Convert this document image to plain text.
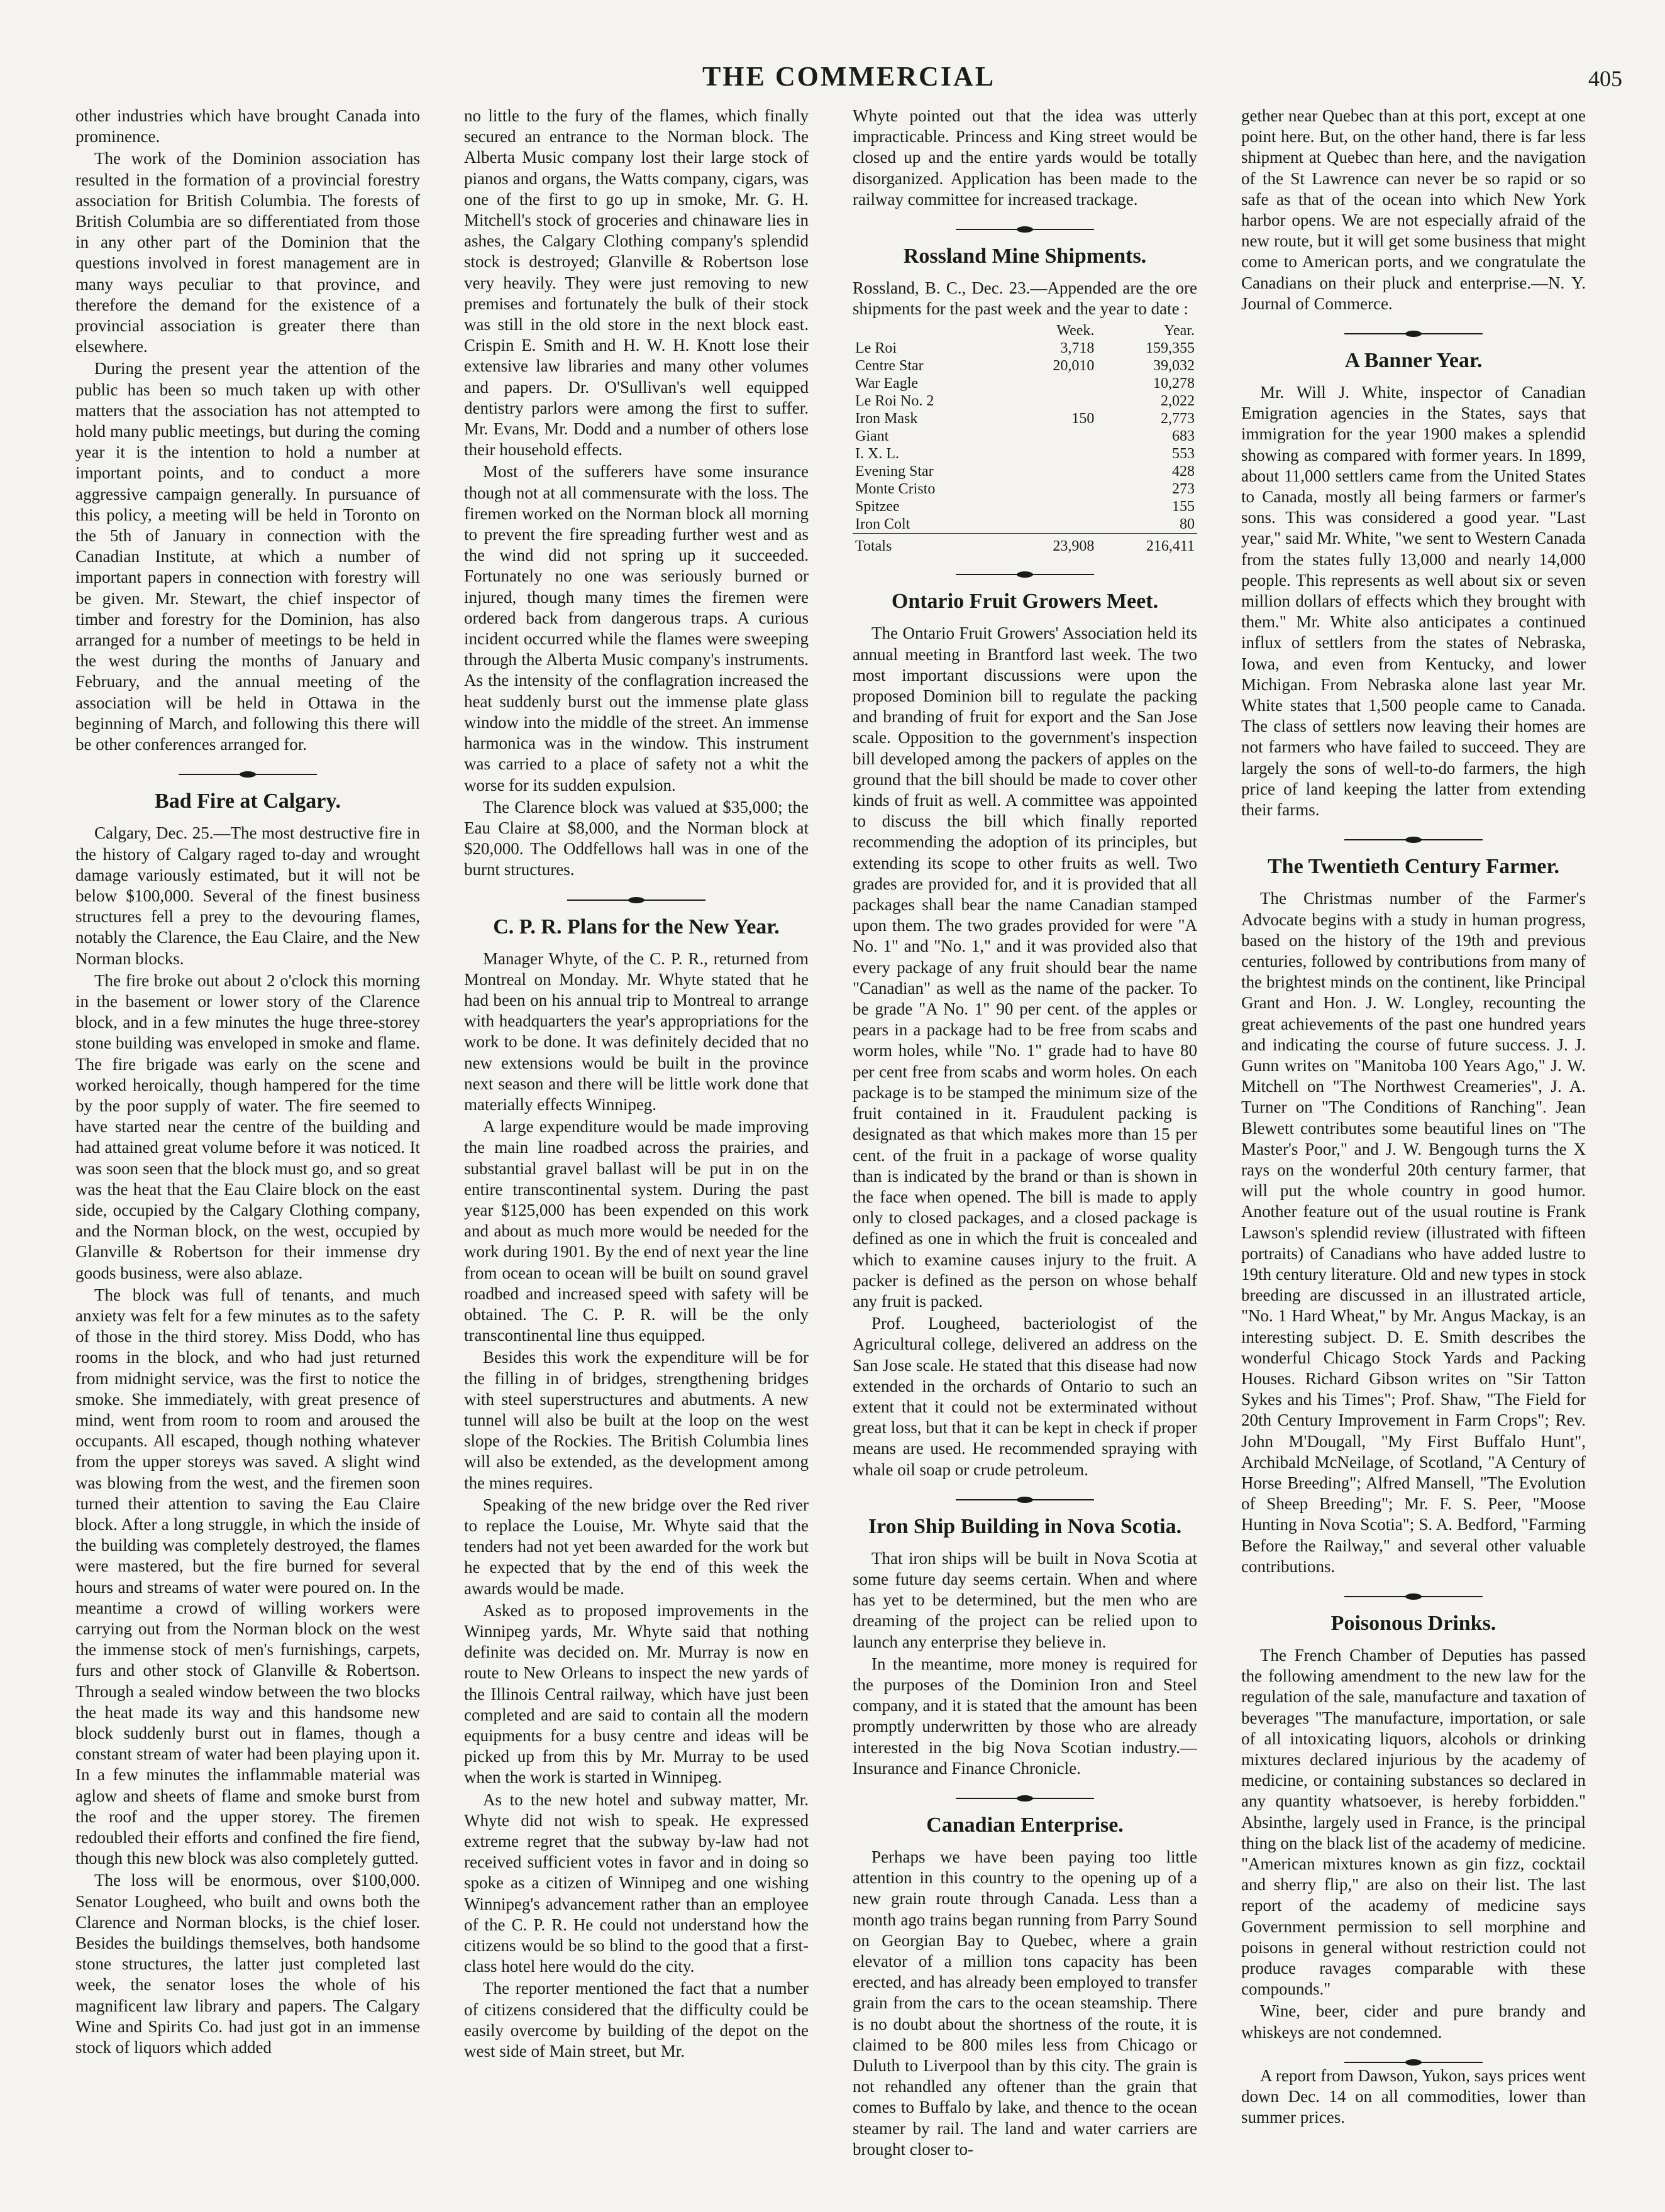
THE COMMERCIAL	405

other industries which have brought Canada into prominence.

The work of the Dominion association has resulted in the formation of a provincial forestry association for British Columbia. The forests of British Columbia are so differentiated from those in any other part of the Dominion that the questions involved in forest management are in many ways peculiar to that province, and therefore the demand for the existence of a provincial association is greater there than elsewhere.

During the present year the attention of the public has been so much taken up with other matters that the association has not attempted to hold many public meetings, but during the coming year it is the intention to hold a number at important points, and to conduct a more aggressive campaign generally. In pursuance of this policy, a meeting will be held in Toronto on the 5th of January in connection with the Canadian Institute, at which a number of important papers in connection with forestry will be given. Mr. Stewart, the chief inspector of timber and forestry for the Dominion, has also arranged for a number of meetings to be held in the west during the months of January and February, and the annual meeting of the association will be held in Ottawa in the beginning of March, and following this there will be other conferences arranged for.

Bad Fire at Calgary.

Calgary, Dec. 25.—The most destructive fire in the history of Calgary raged to-day and wrought damage variously estimated, but it will not be below $100,000. Several of the finest business structures fell a prey to the devouring flames, notably the Clarence, the Eau Claire, and the New Norman blocks.

The fire broke out about 2 o'clock this morning in the basement or lower story of the Clarence block, and in a few minutes the huge three-storey stone building was enveloped in smoke and flame. The fire brigade was early on the scene and worked heroically, though hampered for the time by the poor supply of water. The fire seemed to have started near the centre of the building and had attained great volume before it was noticed. It was soon seen that the block must go, and so great was the heat that the Eau Claire block on the east side, occupied by the Calgary Clothing company, and the Norman block, on the west, occupied by Glanville & Robertson for their immense dry goods business, were also ablaze.

The block was full of tenants, and much anxiety was felt for a few minutes as to the safety of those in the third storey. Miss Dodd, who has rooms in the block, and who had just returned from midnight service, was the first to notice the smoke. She immediately, with great presence of mind, went from room to room and aroused the occupants. All escaped, though nothing whatever from the upper storeys was saved. A slight wind was blowing from the west, and the firemen soon turned their attention to saving the Eau Claire block. After a long struggle, in which the inside of the building was completely destroyed, the flames were mastered, but the fire burned for several hours and streams of water were poured on. In the meantime a crowd of willing workers were carrying out from the Norman block on the west the immense stock of men's furnishings, carpets, furs and other stock of Glanville & Robertson. Through a sealed window between the two blocks the heat made its way and this handsome new block suddenly burst out in flames, though a constant stream of water had been playing upon it. In a few minutes the inflammable material was aglow and sheets of flame and smoke burst from the roof and the upper storey. The firemen redoubled their efforts and confined the fire fiend, though this new block was also completely gutted.

The loss will be enormous, over $100,000. Senator Lougheed, who built and owns both the Clarence and Norman blocks, is the chief loser. Besides the buildings themselves, both handsome stone structures, the latter just completed last week, the senator loses the whole of his magnificent law library and papers. The Calgary Wine and Spirits Co. had just got in an immense stock of liquors which added

no little to the fury of the flames, which finally secured an entrance to the Norman block. The Alberta Music company lost their large stock of pianos and organs, the Watts company, cigars, was one of the first to go up in smoke, Mr. G. H. Mitchell's stock of groceries and chinaware lies in ashes, the Calgary Clothing company's splendid stock is destroyed; Glanville & Robertson lose very heavily. They were just removing to new premises and fortunately the bulk of their stock was still in the old store in the next block east. Crispin E. Smith and H. W. H. Knott lose their extensive law libraries and many other volumes and papers. Dr. O'Sullivan's well equipped dentistry parlors were among the first to suffer. Mr. Evans, Mr. Dodd and a number of others lose their household effects.

Most of the sufferers have some insurance though not at all commensurate with the loss. The firemen worked on the Norman block all morning to prevent the fire spreading further west and as the wind did not spring up it succeeded. Fortunately no one was seriously burned or injured, though many times the firemen were ordered back from dangerous traps. A curious incident occurred while the flames were sweeping through the Alberta Music company's instruments. As the intensity of the conflagration increased the heat suddenly burst out the immense plate glass window into the middle of the street. An immense harmonica was in the window. This instrument was carried to a place of safety not a whit the worse for its sudden expulsion.

The Clarence block was valued at $35,000; the Eau Claire at $8,000, and the Norman block at $20,000. The Oddfellows hall was in one of the burnt structures.

C. P. R. Plans for the New Year.

Manager Whyte, of the C. P. R., returned from Montreal on Monday. Mr. Whyte stated that he had been on his annual trip to Montreal to arrange with headquarters the year's appropriations for the work to be done. It was definitely decided that no new extensions would be built in the province next season and there will be little work done that materially effects Winnipeg.

A large expenditure would be made improving the main line roadbed across the prairies, and substantial gravel ballast will be put in on the entire transcontinental system. During the past year $125,000 has been expended on this work and about as much more would be needed for the work during 1901. By the end of next year the line from ocean to ocean will be built on sound gravel roadbed and increased speed with safety will be obtained. The C. P. R. will be the only transcontinental line thus equipped.

Besides this work the expenditure will be for the filling in of bridges, strengthening bridges with steel superstructures and abutments. A new tunnel will also be built at the loop on the west slope of the Rockies. The British Columbia lines will also be extended, as the development among the mines requires.

Speaking of the new bridge over the Red river to replace the Louise, Mr. Whyte said that the tenders had not yet been awarded for the work but he expected that by the end of this week the awards would be made.

Asked as to proposed improvements in the Winnipeg yards, Mr. Whyte said that nothing definite was decided on. Mr. Murray is now en route to New Orleans to inspect the new yards of the Illinois Central railway, which have just been completed and are said to contain all the modern equipments for a busy centre and ideas will be picked up from this by Mr. Murray to be used when the work is started in Winnipeg.

As to the new hotel and subway matter, Mr. Whyte did not wish to speak. He expressed extreme regret that the subway by-law had not received sufficient votes in favor and in doing so spoke as a citizen of Winnipeg and one wishing Winnipeg's advancement rather than an employee of the C. P. R. He could not understand how the citizens would be so blind to the good that a first-class hotel here would do the city.

The reporter mentioned the fact that a number of citizens considered that the difficulty could be easily overcome by building of the depot on the west side of Main street, but Mr.

Whyte pointed out that the idea was utterly impracticable. Princess and King street would be closed up and the entire yards would be totally disorganized. Application has been made to the railway committee for increased trackage.

Rossland Mine Shipments.

Rossland, B. C., Dec. 23.—Appended are the ore shipments for the past week and the year to date :

	Week.	Year.
Le Roi	3,718	159,355
Centre Star	20,010	39,032
War Eagle		10,278
Le Roi No. 2		2,022
Iron Mask	150	2,773
Giant		683
I. X. L.		553
Evening Star		428
Monte Cristo		273
Spitzee		155
Iron Colt		80
Totals	23,908	216,411
Ontario Fruit Growers Meet.

The Ontario Fruit Growers' Association held its annual meeting in Brantford last week. The two most important discussions were upon the proposed Dominion bill to regulate the packing and branding of fruit for export and the San Jose scale. Opposition to the government's inspection bill developed among the packers of apples on the ground that the bill should be made to cover other kinds of fruit as well. A committee was appointed to discuss the bill which finally reported recommending the adoption of its principles, but extending its scope to other fruits as well. Two grades are provided for, and it is provided that all packages shall bear the name Canadian stamped upon them. The two grades provided for were "A No. 1" and "No. 1," and it was provided also that every package of any fruit should bear the name "Canadian" as well as the name of the packer. To be grade "A No. 1" 90 per cent. of the apples or pears in a package had to be free from scabs and worm holes, while "No. 1" grade had to have 80 per cent free from scabs and worm holes. On each package is to be stamped the minimum size of the fruit contained in it. Fraudulent packing is designated as that which makes more than 15 per cent. of the fruit in a package of worse quality than is indicated by the brand or than is shown in the face when opened. The bill is made to apply only to closed packages, and a closed package is defined as one in which the fruit is concealed and which to examine causes injury to the fruit. A packer is defined as the person on whose behalf any fruit is packed.

Prof. Lougheed, bacteriologist of the Agricultural college, delivered an address on the San Jose scale. He stated that this disease had now extended in the orchards of Ontario to such an extent that it could not be exterminated without great loss, but that it can be kept in check if proper means are used. He recommended spraying with whale oil soap or crude petroleum.

Iron Ship Building in Nova Scotia.

That iron ships will be built in Nova Scotia at some future day seems certain. When and where has yet to be determined, but the men who are dreaming of the project can be relied upon to launch any enterprise they believe in.

In the meantime, more money is required for the purposes of the Dominion Iron and Steel company, and it is stated that the amount has been promptly underwritten by those who are already interested in the big Nova Scotian industry.—Insurance and Finance Chronicle.

Canadian Enterprise.

Perhaps we have been paying too little attention in this country to the opening up of a new grain route through Canada. Less than a month ago trains began running from Parry Sound on Georgian Bay to Quebec, where a grain elevator of a million tons capacity has been erected, and has already been employed to transfer grain from the cars to the ocean steamship. There is no doubt about the shortness of the route, it is claimed to be 800 miles less from Chicago or Duluth to Liverpool than by this city. The grain is not rehandled any oftener than the grain that comes to Buffalo by lake, and thence to the ocean steamer by rail. The land and water carriers are brought closer to-

gether near Quebec than at this port, except at one point here. But, on the other hand, there is far less shipment at Quebec than here, and the navigation of the St Lawrence can never be so rapid or so safe as that of the ocean into which New York harbor opens. We are not especially afraid of the new route, but it will get some business that might come to American ports, and we congratulate the Canadians on their pluck and enterprise.—N. Y. Journal of Commerce.

A Banner Year.

Mr. Will J. White, inspector of Canadian Emigration agencies in the States, says that immigration for the year 1900 makes a splendid showing as compared with former years. In 1899, about 11,000 settlers came from the United States to Canada, mostly all being farmers or farmer's sons. This was considered a good year. "Last year," said Mr. White, "we sent to Western Canada from the states fully 13,000 and nearly 14,000 people. This represents as well about six or seven million dollars of effects which they brought with them." Mr. White also anticipates a continued influx of settlers from the states of Nebraska, Iowa, and even from Kentucky, and lower Michigan. From Nebraska alone last year Mr. White states that 1,500 people came to Canada. The class of settlers now leaving their homes are not farmers who have failed to succeed. They are largely the sons of well-to-do farmers, the high price of land keeping the latter from extending their farms.

The Twentieth Century Farmer.

The Christmas number of the Farmer's Advocate begins with a study in human progress, based on the history of the 19th and previous centuries, followed by contributions from many of the brightest minds on the continent, like Principal Grant and Hon. J. W. Longley, recounting the great achievements of the past one hundred years and indicating the course of future success. J. J. Gunn writes on "Manitoba 100 Years Ago," J. W. Mitchell on "The Northwest Creameries", J. A. Turner on "The Conditions of Ranching". Jean Blewett contributes some beautiful lines on "The Master's Poor," and J. W. Bengough turns the X rays on the wonderful 20th century farmer, that will put the whole country in good humor. Another feature out of the usual routine is Frank Lawson's splendid review (illustrated with fifteen portraits) of Canadians who have added lustre to 19th century literature. Old and new types in stock breeding are discussed in an illustrated article, "No. 1 Hard Wheat," by Mr. Angus Mackay, is an interesting subject. D. E. Smith describes the wonderful Chicago Stock Yards and Packing Houses. Richard Gibson writes on "Sir Tatton Sykes and his Times"; Prof. Shaw, "The Field for 20th Century Improvement in Farm Crops"; Rev. John M'Dougall, "My First Buffalo Hunt", Archibald McNeilage, of Scotland, "A Century of Horse Breeding"; Alfred Mansell, "The Evolution of Sheep Breeding"; Mr. F. S. Peer, "Moose Hunting in Nova Scotia"; S. A. Bedford, "Farming Before the Railway," and several other valuable contributions.

Poisonous Drinks.

The French Chamber of Deputies has passed the following amendment to the new law for the regulation of the sale, manufacture and taxation of beverages "The manufacture, importation, or sale of all intoxicating liquors, alcohols or drinking mixtures declared injurious by the academy of medicine, or containing substances so declared in any quantity whatsoever, is hereby forbidden." Absinthe, largely used in France, is the principal thing on the black list of the academy of medicine. "American mixtures known as gin fizz, cocktail and sherry flip," are also on their list. The last report of the academy of medicine says Government permission to sell morphine and poisons in general without restriction could not produce ravages comparable with these compounds."

Wine, beer, cider and pure brandy and whiskeys are not condemned.

A report from Dawson, Yukon, says prices went down Dec. 14 on all commodities, lower than summer prices.
